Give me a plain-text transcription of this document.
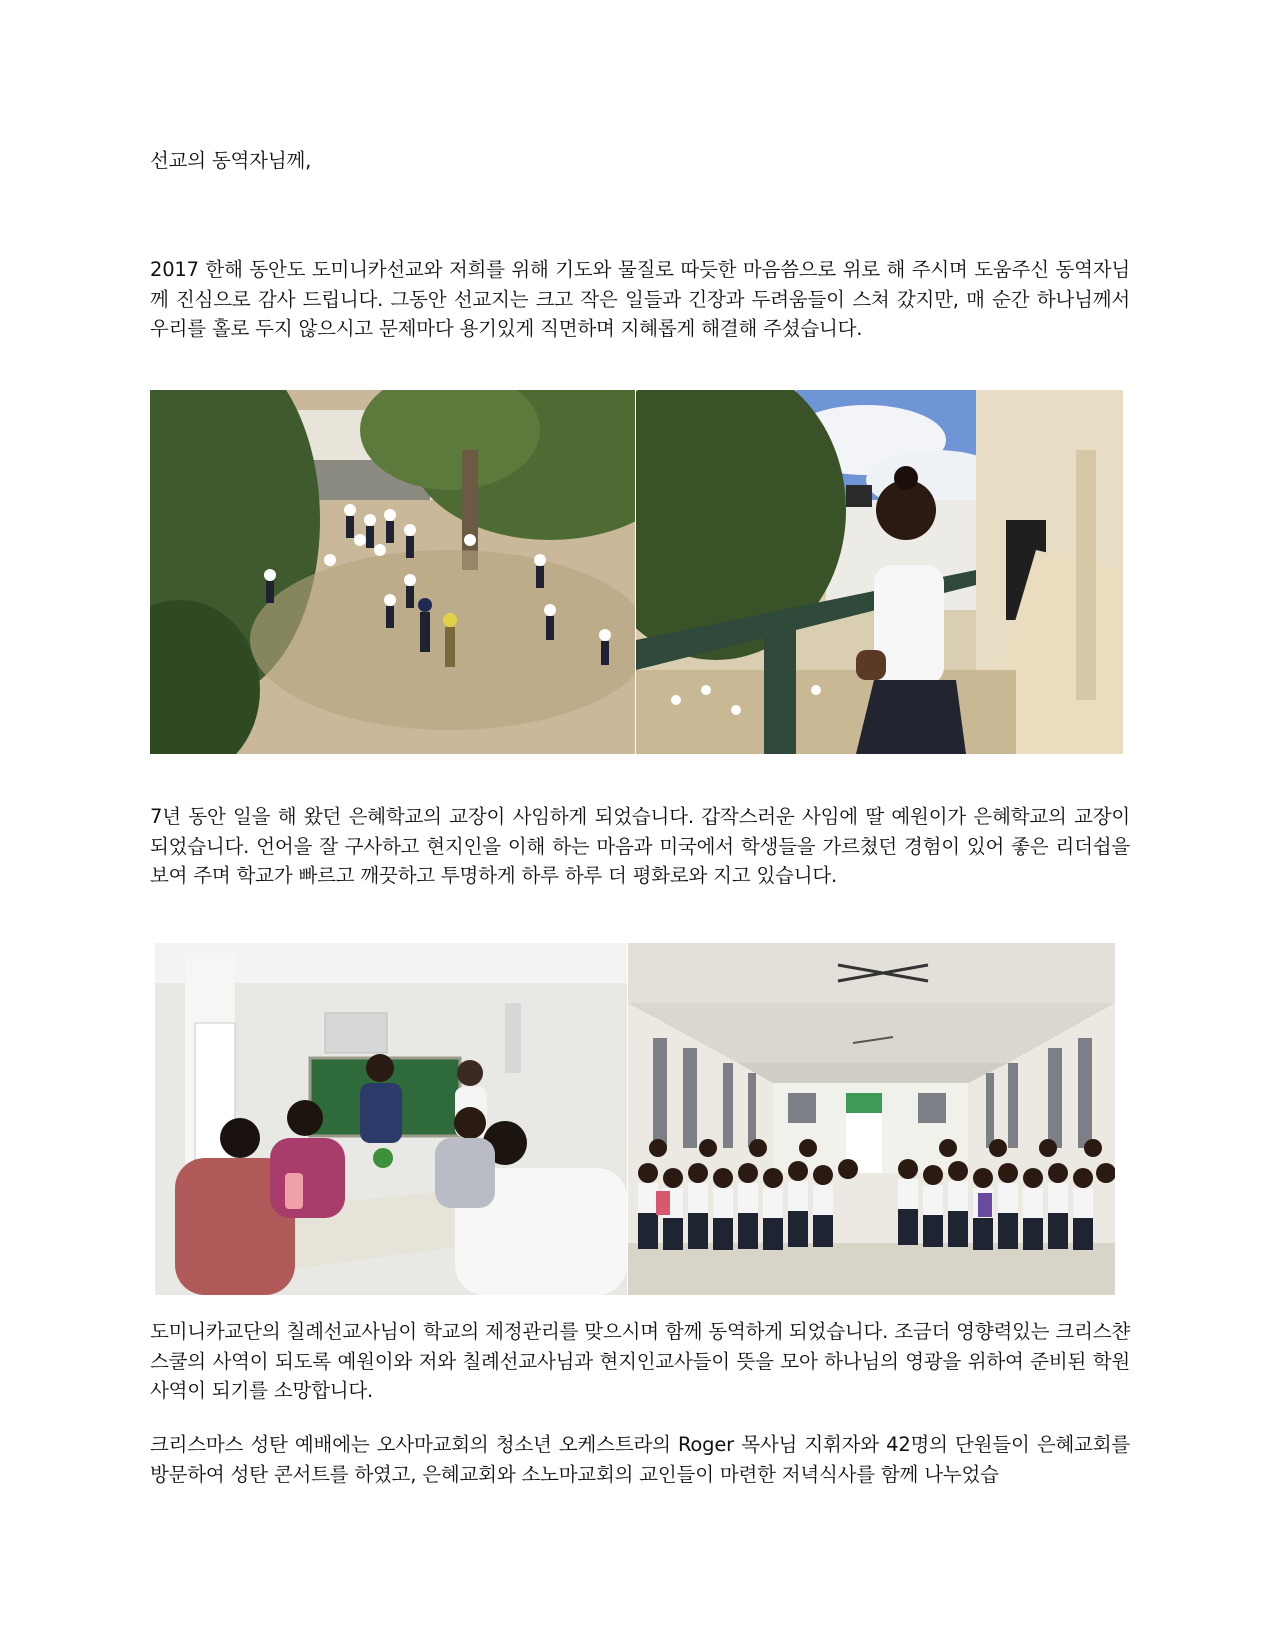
선교의 동역자님께,

2017 한해 동안도 도미니카선교와 저희를 위해 기도와 물질로 따듯한 마음씀으로 위로 해 주시며 도움주신 동역자님께 진심으로 감사 드립니다. 그동안 선교지는 크고 작은 일들과 긴장과 두려움들이 스쳐 갔지만, 매 순간 하나님께서 우리를 홀로 두지 않으시고 문제마다 용기있게 직면하며 지혜롭게 해결해 주셨습니다.

7년 동안 일을 해 왔던 은혜학교의 교장이 사임하게 되었습니다. 갑작스러운 사임에 딸 예원이가 은혜학교의 교장이 되었습니다. 언어을 잘 구사하고 현지인을 이해 하는 마음과 미국에서 학생들을 가르쳤던 경험이 있어 좋은 리더쉽을 보여 주며 학교가 빠르고 깨끗하고 투명하게 하루 하루 더 평화로와 지고 있습니다.

도미니카교단의 칠례선교사님이 학교의 제정관리를 맞으시며 함께 동역하게 되었습니다. 조금더 영향력있는 크리스챤스쿨의 사역이 되도록 예원이와 저와 칠례선교사님과 현지인교사들이 뜻을 모아 하나님의 영광을 위하여 준비된 학원사역이 되기를 소망합니다.

크리스마스 성탄 예배에는 오사마교회의 청소년 오케스트라의 Roger 목사님 지휘자와 42명의 단원들이 은혜교회를 방문하여 성탄 콘서트를 하였고, 은혜교회와 소노마교회의 교인들이 마련한 저녁식사를 함께 나누었습
